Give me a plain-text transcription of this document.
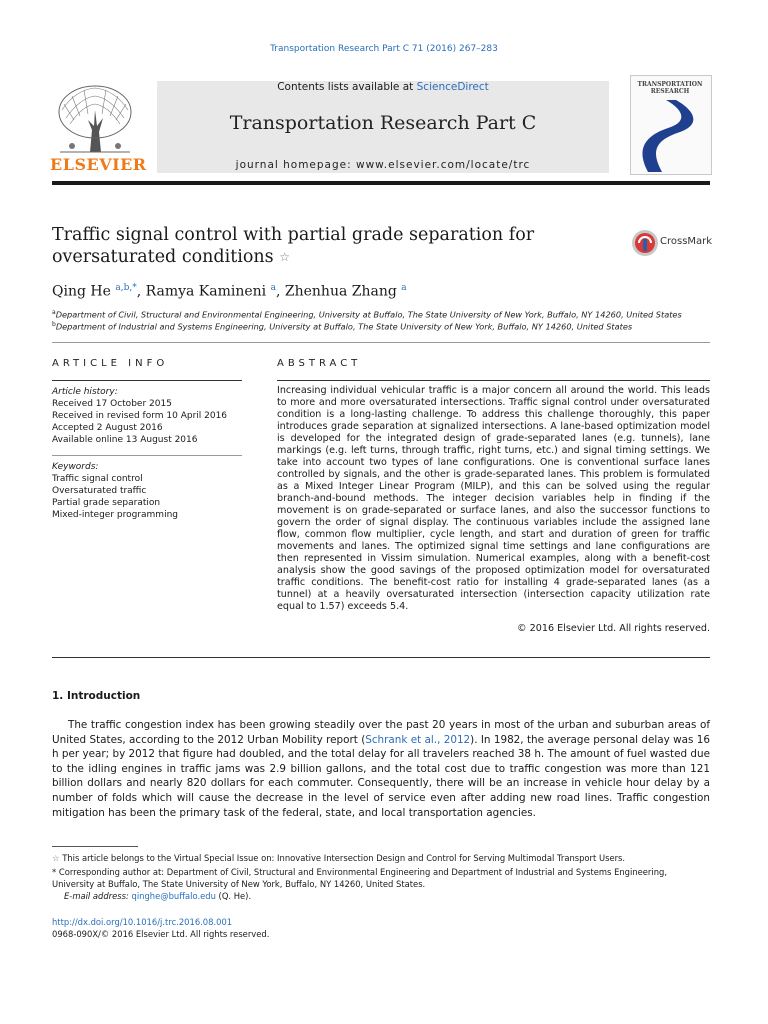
Transportation Research Part C 71 (2016) 267–283
ELSEVIER
Contents lists available at ScienceDirect
Transportation Research Part C
journal homepage: www.elsevier.com/locate/trc
TRANSPORTATION RESEARCH
Traffic signal control with partial grade separation for
oversaturated conditions ☆
CrossMark
Qing He $^{a,b,*}$, Ramya Kamineni $^a$, Zhenhua Zhang $^a$
$^a$Department of Civil, Structural and Environmental Engineering, University at Buffalo, The State University of New York, Buffalo, NY 14260, United States
$^b$Department of Industrial and Systems Engineering, University at Buffalo, The State University of New York, Buffalo, NY 14260, United States
ARTICLE INFO
Article history:
Received 17 October 2015
Received in revised form 10 April 2016
Accepted 2 August 2016
Available online 13 August 2016
Keywords:
Traffic signal control
Oversaturated traffic
Partial grade separation
Mixed-integer programming
ABSTRACT
Increasing individual vehicular traffic is a major concern all around the world. This leads to more and more oversaturated intersections. Traffic signal control under oversaturated condition is a long-lasting challenge. To address this challenge thoroughly, this paper introduces grade separation at signalized intersections. A lane-based optimization model is developed for the integrated design of grade-separated lanes (e.g. tunnels), lane markings (e.g. left turns, through traffic, right turns, etc.) and signal timing settings. We take into account two types of lane configurations. One is conventional surface lanes controlled by signals, and the other is grade-separated lanes. This problem is formulated as a Mixed Integer Linear Program (MILP), and this can be solved using the regular branch-and-bound methods. The integer decision variables help in finding if the movement is on grade-separated or surface lanes, and also the successor functions to govern the order of signal display. The continuous variables include the assigned lane flow, common flow multiplier, cycle length, and start and duration of green for traffic movements and lanes. The optimized signal time settings and lane configurations are then represented in Vissim simulation. Numerical examples, along with a benefit-cost analysis show the good savings of the proposed optimization model for oversaturated traffic conditions. The benefit-cost ratio for installing 4 grade-separated lanes (as a tunnel) at a heavily oversaturated intersection (intersection capacity utilization rate equal to 1.57) exceeds 5.4.
© 2016 Elsevier Ltd. All rights reserved.
1. Introduction
The traffic congestion index has been growing steadily over the past 20 years in most of the urban and suburban areas of United States, according to the 2012 Urban Mobility report (Schrank et al., 2012). In 1982, the average personal delay was 16 h per year; by 2012 that figure had doubled, and the total delay for all travelers reached 38 h. The amount of fuel wasted due to the idling engines in traffic jams was 2.9 billion gallons, and the total cost due to traffic congestion was more than 121 billion dollars and nearly 820 dollars for each commuter. Consequently, there will be an increase in vehicle hour delay by a number of folds which will cause the decrease in the level of service even after adding new road lines. Traffic congestion mitigation has been the primary task of the federal, state, and local transportation agencies.
☆ This article belongs to the Virtual Special Issue on: Innovative Intersection Design and Control for Serving Multimodal Transport Users.
* Corresponding author at: Department of Civil, Structural and Environmental Engineering and Department of Industrial and Systems Engineering, University at Buffalo, The State University of New York, Buffalo, NY 14260, United States.
E-mail address: qinghe@buffalo.edu (Q. He).
http://dx.doi.org/10.1016/j.trc.2016.08.001
0968-090X/© 2016 Elsevier Ltd. All rights reserved.
